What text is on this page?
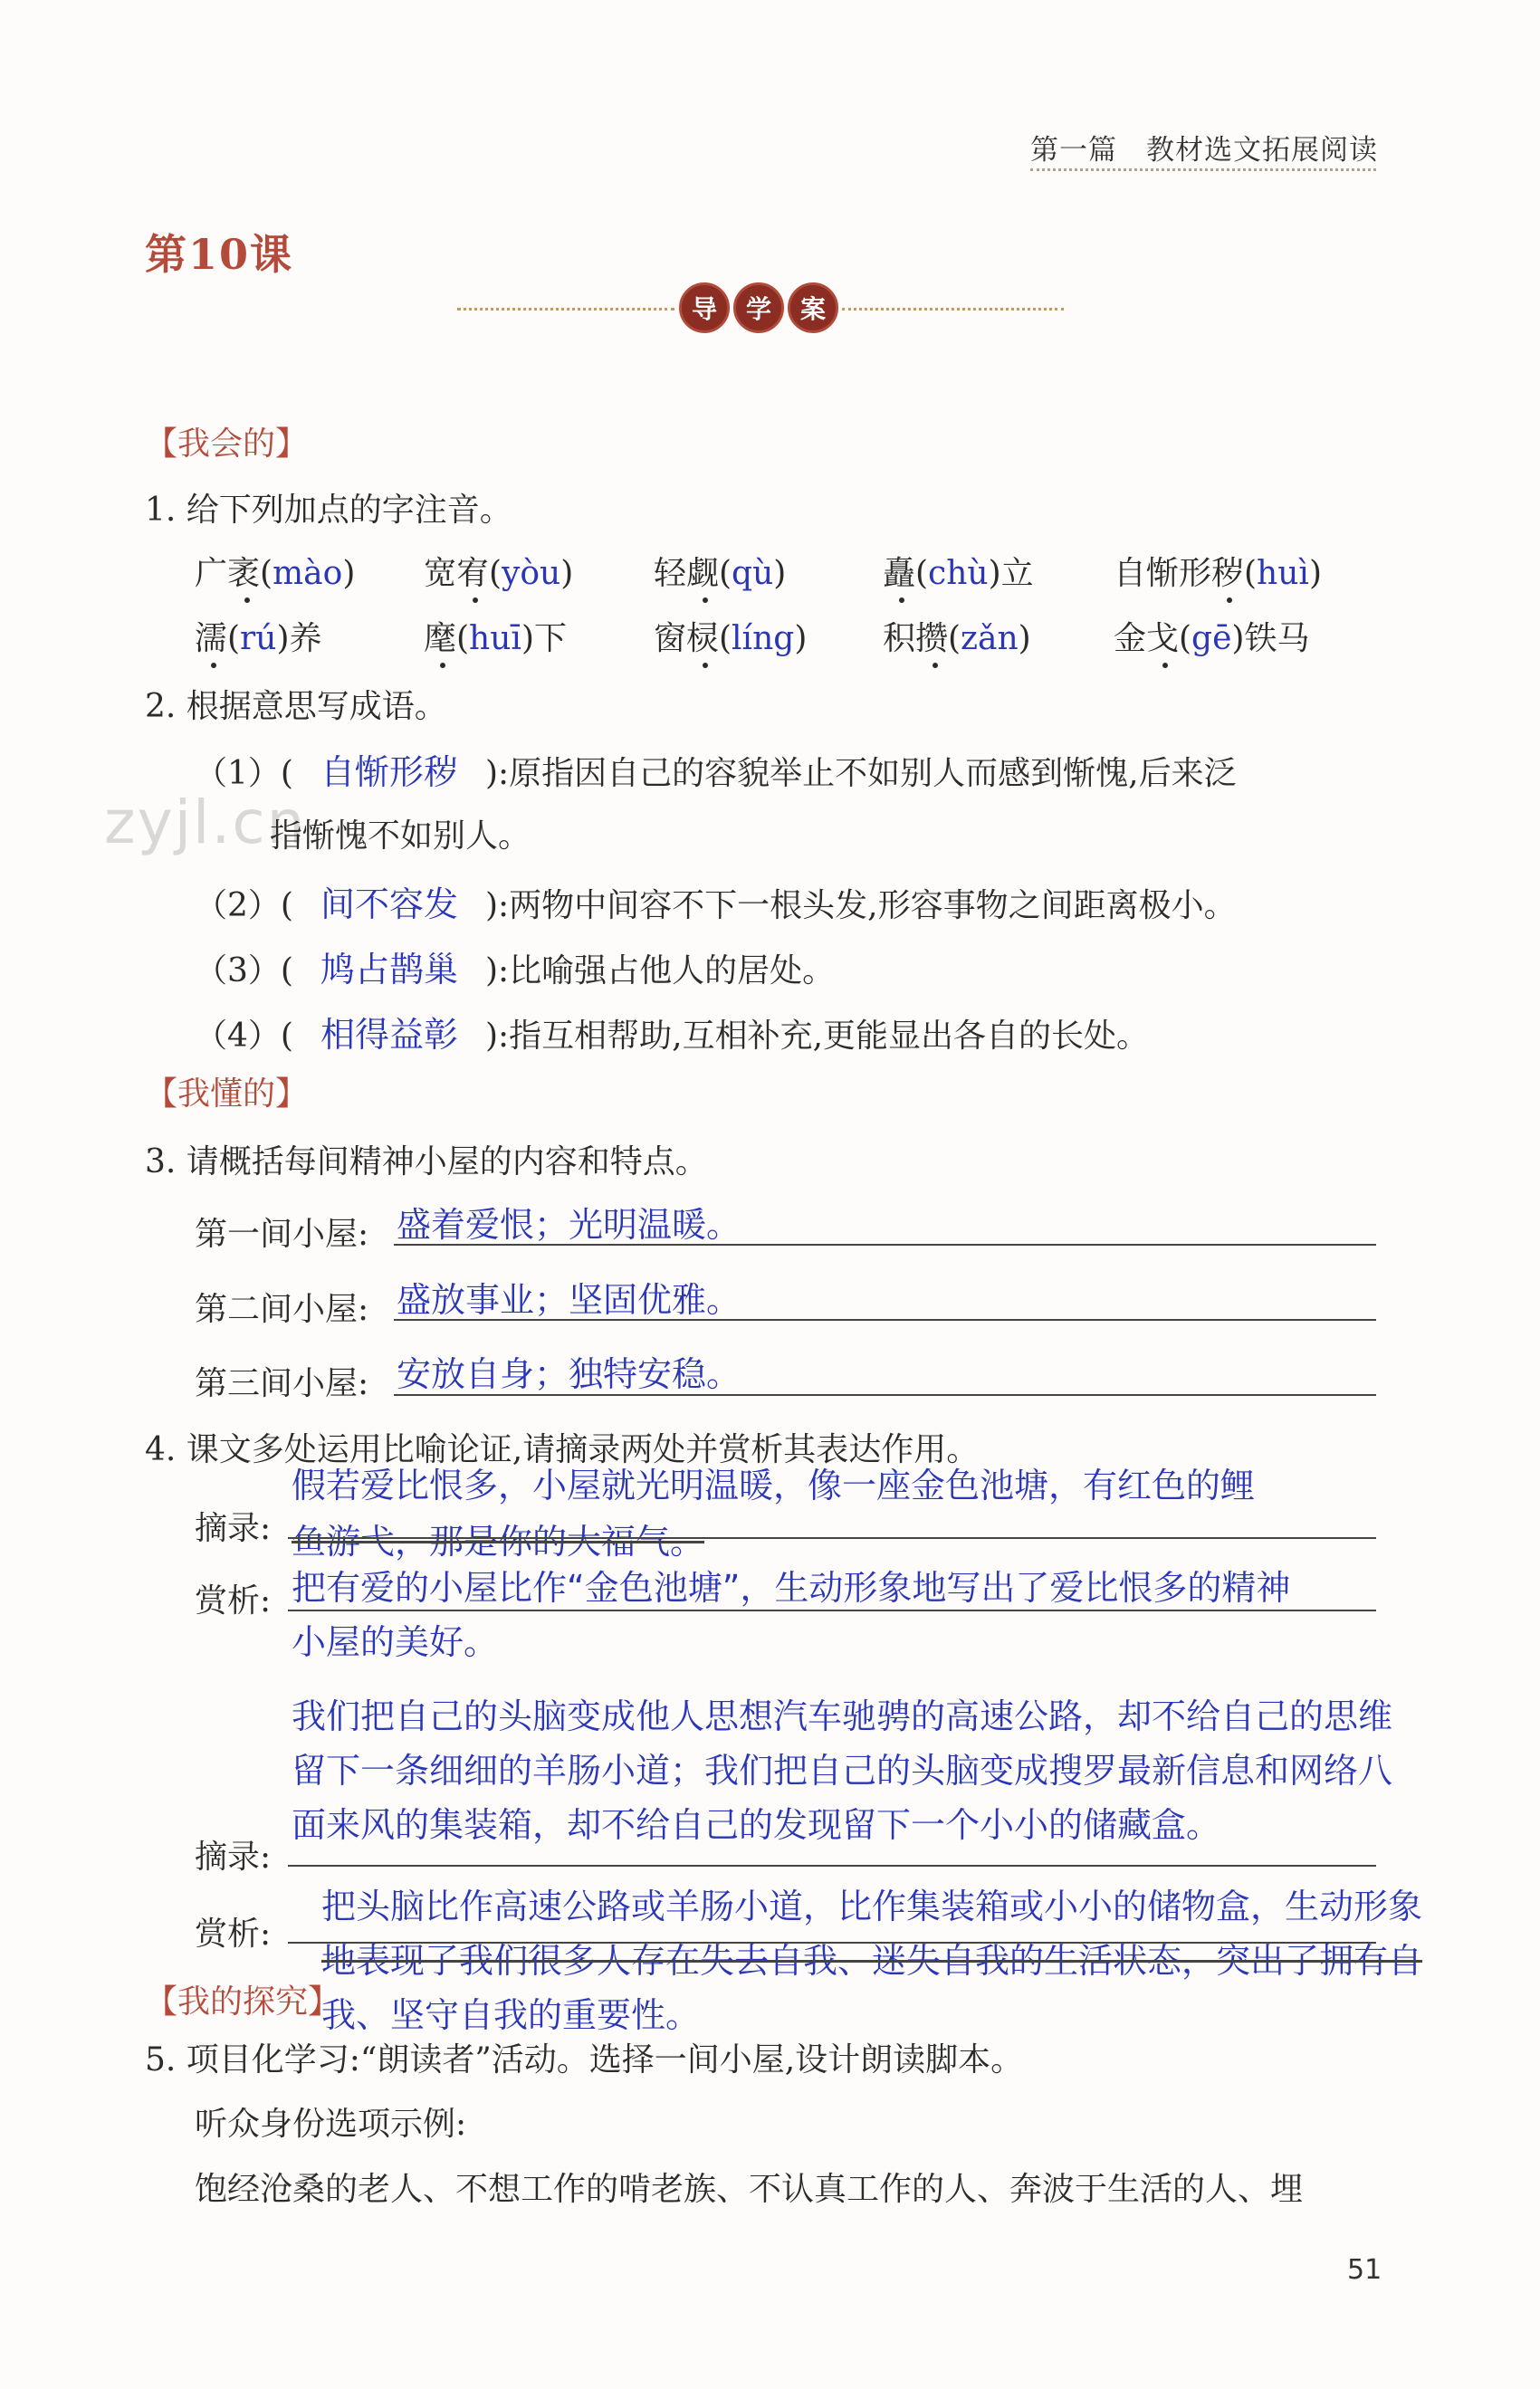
第一篇　教材选文拓展阅读
第10课
导	学	案
zyjl.cn
【我会的】
1. 给下列加点的字注音。
广袤(mào) 宽宥(yòu) 轻觑(qù)	矗(chù)立 自惭形秽(huì)
濡(rú)养	麾(huī)下	窗棂(líng) 积攒(zǎn)	金戈(gē)铁马
2. 根据意思写成语。
（1）( 自惭形秽 ):原指因自己的容貌举止不如别人而感到惭愧,后来泛
指惭愧不如别人。
（2）( 间不容发 ):两物中间容不下一根头发,形容事物之间距离极小。
（3）( 鸠占鹊巢 ):比喻强占他人的居处。
（4）( 相得益彰 ):指互相帮助,互相补充,更能显出各自的长处。
【我懂的】
3. 请概括每间精神小屋的内容和特点。
第一间小屋: 盛着爱恨；光明温暖。
第二间小屋: 盛放事业；坚固优雅。
第三间小屋: 安放自身；独特安稳。
4. 课文多处运用比喻论证,请摘录两处并赏析其表达作用。
假若爱比恨多，小屋就光明温暖，像一座金色池塘，有红色的鲤
摘录: 鱼游弋，那是你的大福气。
赏析: 把有爱的小屋比作“金色池塘”，生动形象地写出了爱比恨多的精神
小屋的美好。
我们把自己的头脑变成他人思想汽车驰骋的高速公路，却不给自己的思维
留下一条细细的羊肠小道；我们把自己的头脑变成搜罗最新信息和网络八
面来风的集装箱，却不给自己的发现留下一个小小的储藏盒。
摘录:
赏析:
把头脑比作高速公路或羊肠小道，比作集装箱或小小的储物盒，生动形象
地表现了我们很多人存在失去自我、迷失自我的生活状态，突出了拥有自
我、坚守自我的重要性。
【我的探究】
5. 项目化学习:“朗读者”活动。选择一间小屋,设计朗读脚本。
听众身份选项示例:
饱经沧桑的老人、不想工作的啃老族、不认真工作的人、奔波于生活的人、埋
51
